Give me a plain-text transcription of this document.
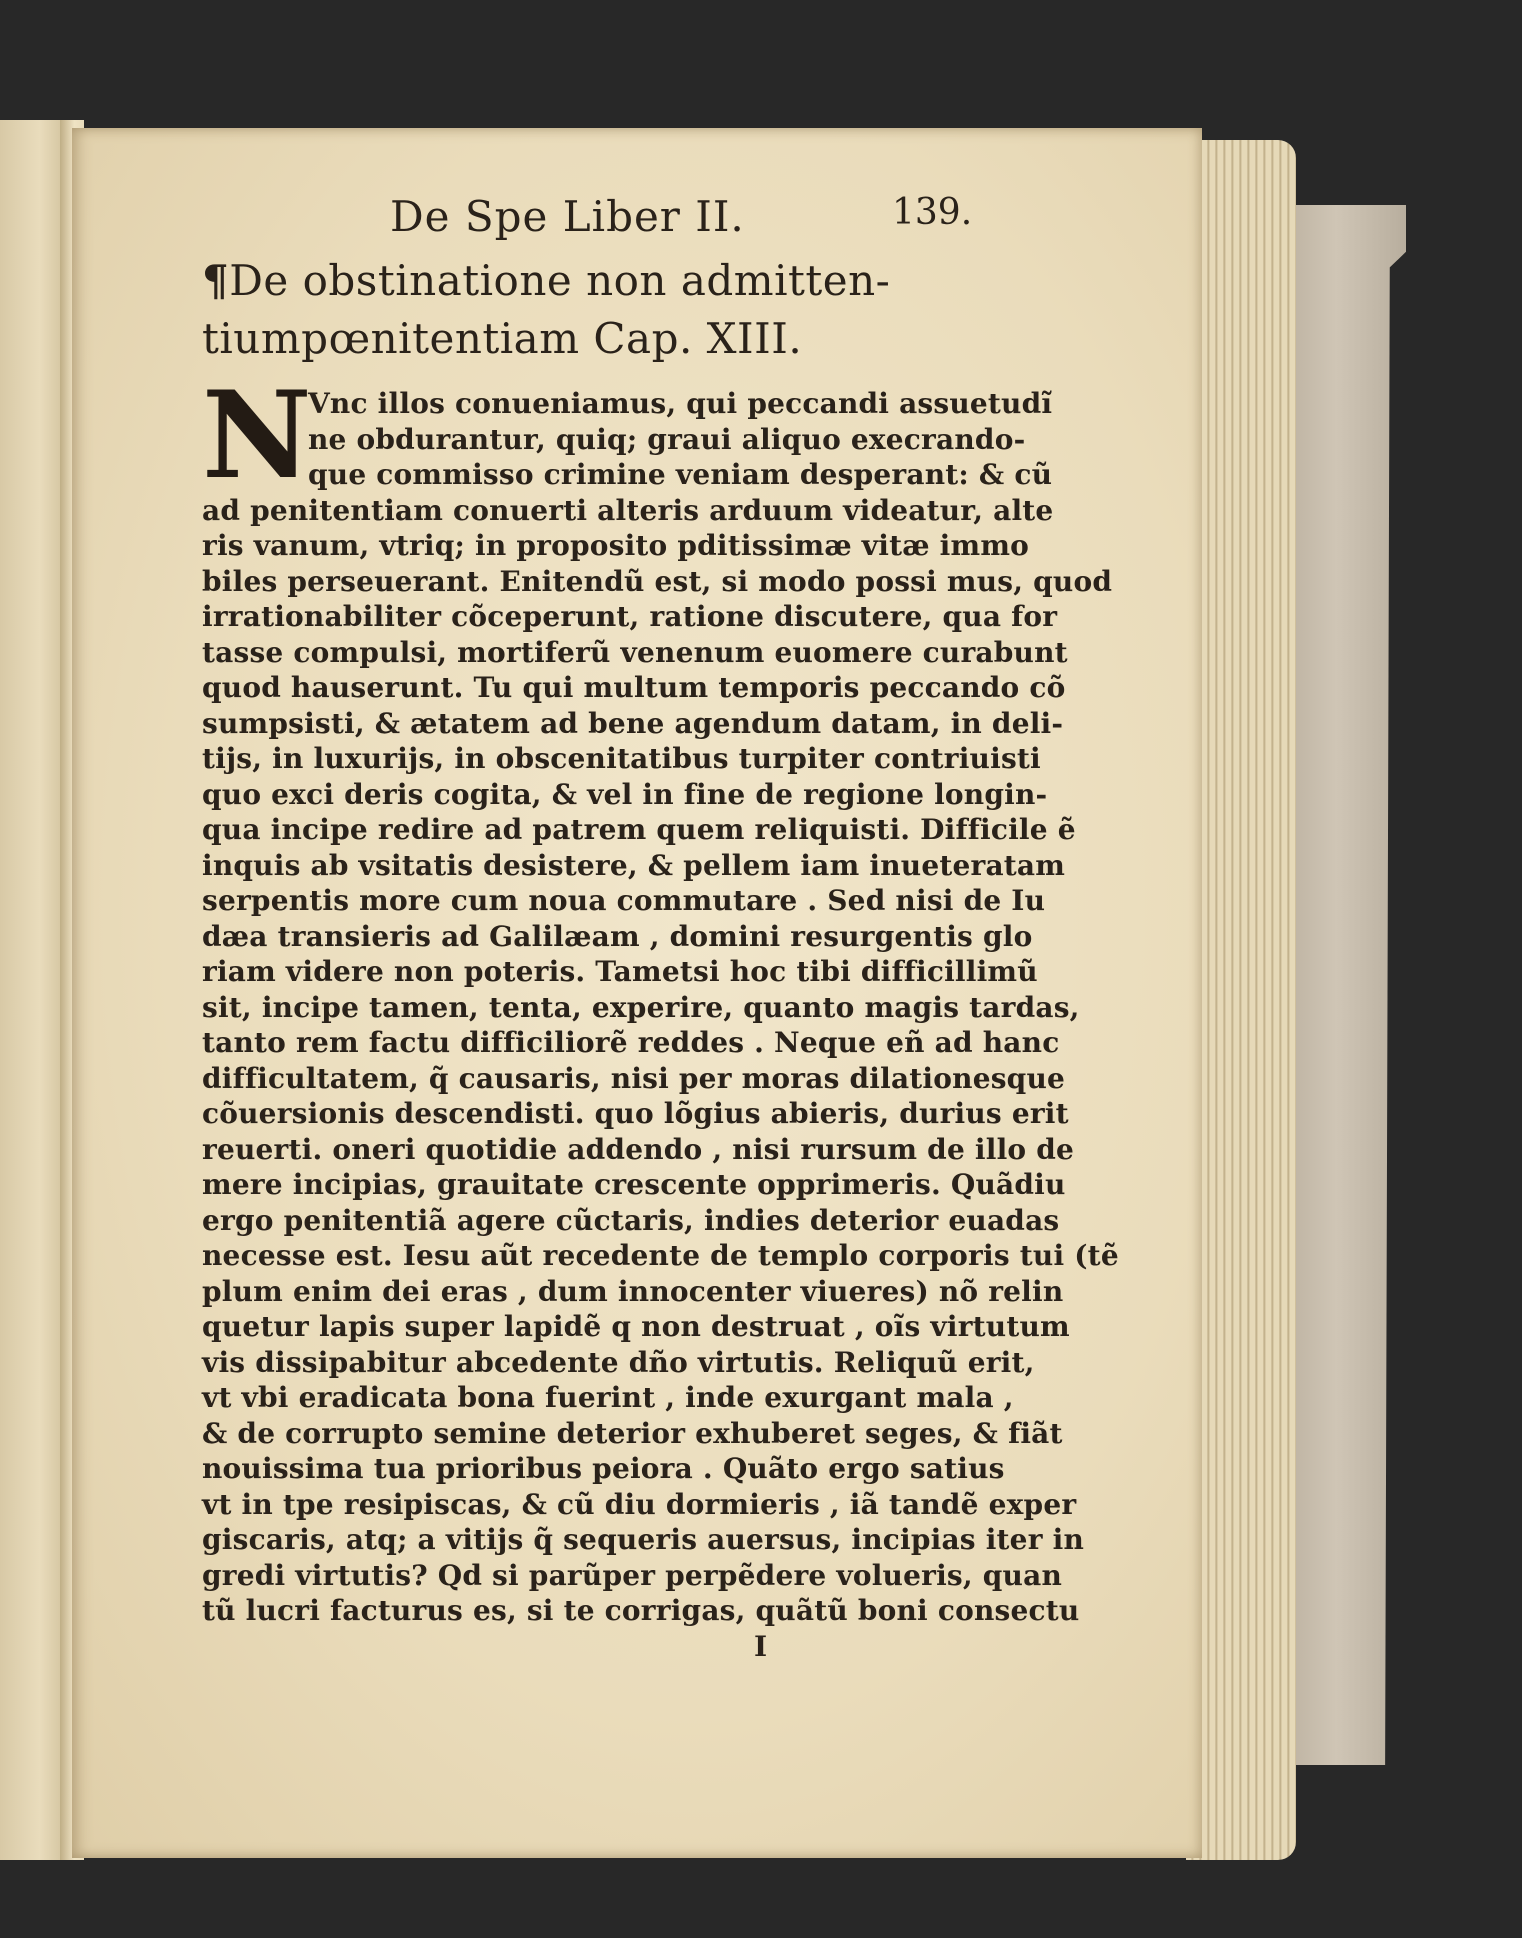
De Spe Liber II.	139.
¶De obstinatione non admitten-
tiumpœnitentiam Cap. XIII.
N
Vnc illos conueniamus, qui peccandi assuetudĩ
ne obdurantur, quiq; graui aliquo execrando-
que commisso crimine veniam desperant: & cũ
ad penitentiam conuerti alteris arduum videatur, alte
ris vanum, vtriq; in proposito pditissimæ vitæ immo
biles perseuerant. Enitendũ est, si modo possi mus, quod
irrationabiliter cõceperunt, ratione discutere, qua for
tasse compulsi, mortiferũ venenum euomere curabunt
quod hauserunt. Tu qui multum temporis peccando cõ
sumpsisti, & ætatem ad bene agendum datam, in deli-
tijs, in luxurijs, in obscenitatibus turpiter contriuisti
quo exci deris cogita, & vel in fine de regione longin-
qua incipe redire ad patrem quem reliquisti. Difficile ẽ
inquis ab vsitatis desistere, & pellem iam inueteratam
serpentis more cum noua commutare . Sed nisi de Iu
dæa transieris ad Galilæam , domini resurgentis glo
riam videre non poteris. Tametsi hoc tibi difficillimũ
sit, incipe tamen, tenta, experire, quanto magis tardas,
tanto rem factu difficiliorẽ reddes . Neque eñ ad hanc
difficultatem, q̃ causaris, nisi per moras dilationesque
cõuersionis descendisti. quo lõgius abieris, durius erit
reuerti. oneri quotidie addendo , nisi rursum de illo de
mere incipias, grauitate crescente opprimeris. Quãdiu
ergo penitentiã agere cũctaris, indies deterior euadas
necesse est. Iesu aũt recedente de templo corporis tui (tẽ
plum enim dei eras , dum innocenter viueres) nõ relin
quetur lapis super lapidẽ q non destruat , oĩs virtutum
vis dissipabitur abcedente dño virtutis. Reliquũ erit,
vt vbi eradicata bona fuerint , inde exurgant mala ,
& de corrupto semine deterior exhuberet seges, & fiãt
nouissima tua prioribus peiora . Quãto ergo satius
vt in tpe resipiscas, & cũ diu dormieris , iã tandẽ exper
giscaris, atq; a vitijs q̃ sequeris auersus, incipias iter in
gredi virtutis? Qd si parũper perpẽdere volueris, quan
tũ lucri facturus es, si te corrigas, quãtũ boni consectu
I
